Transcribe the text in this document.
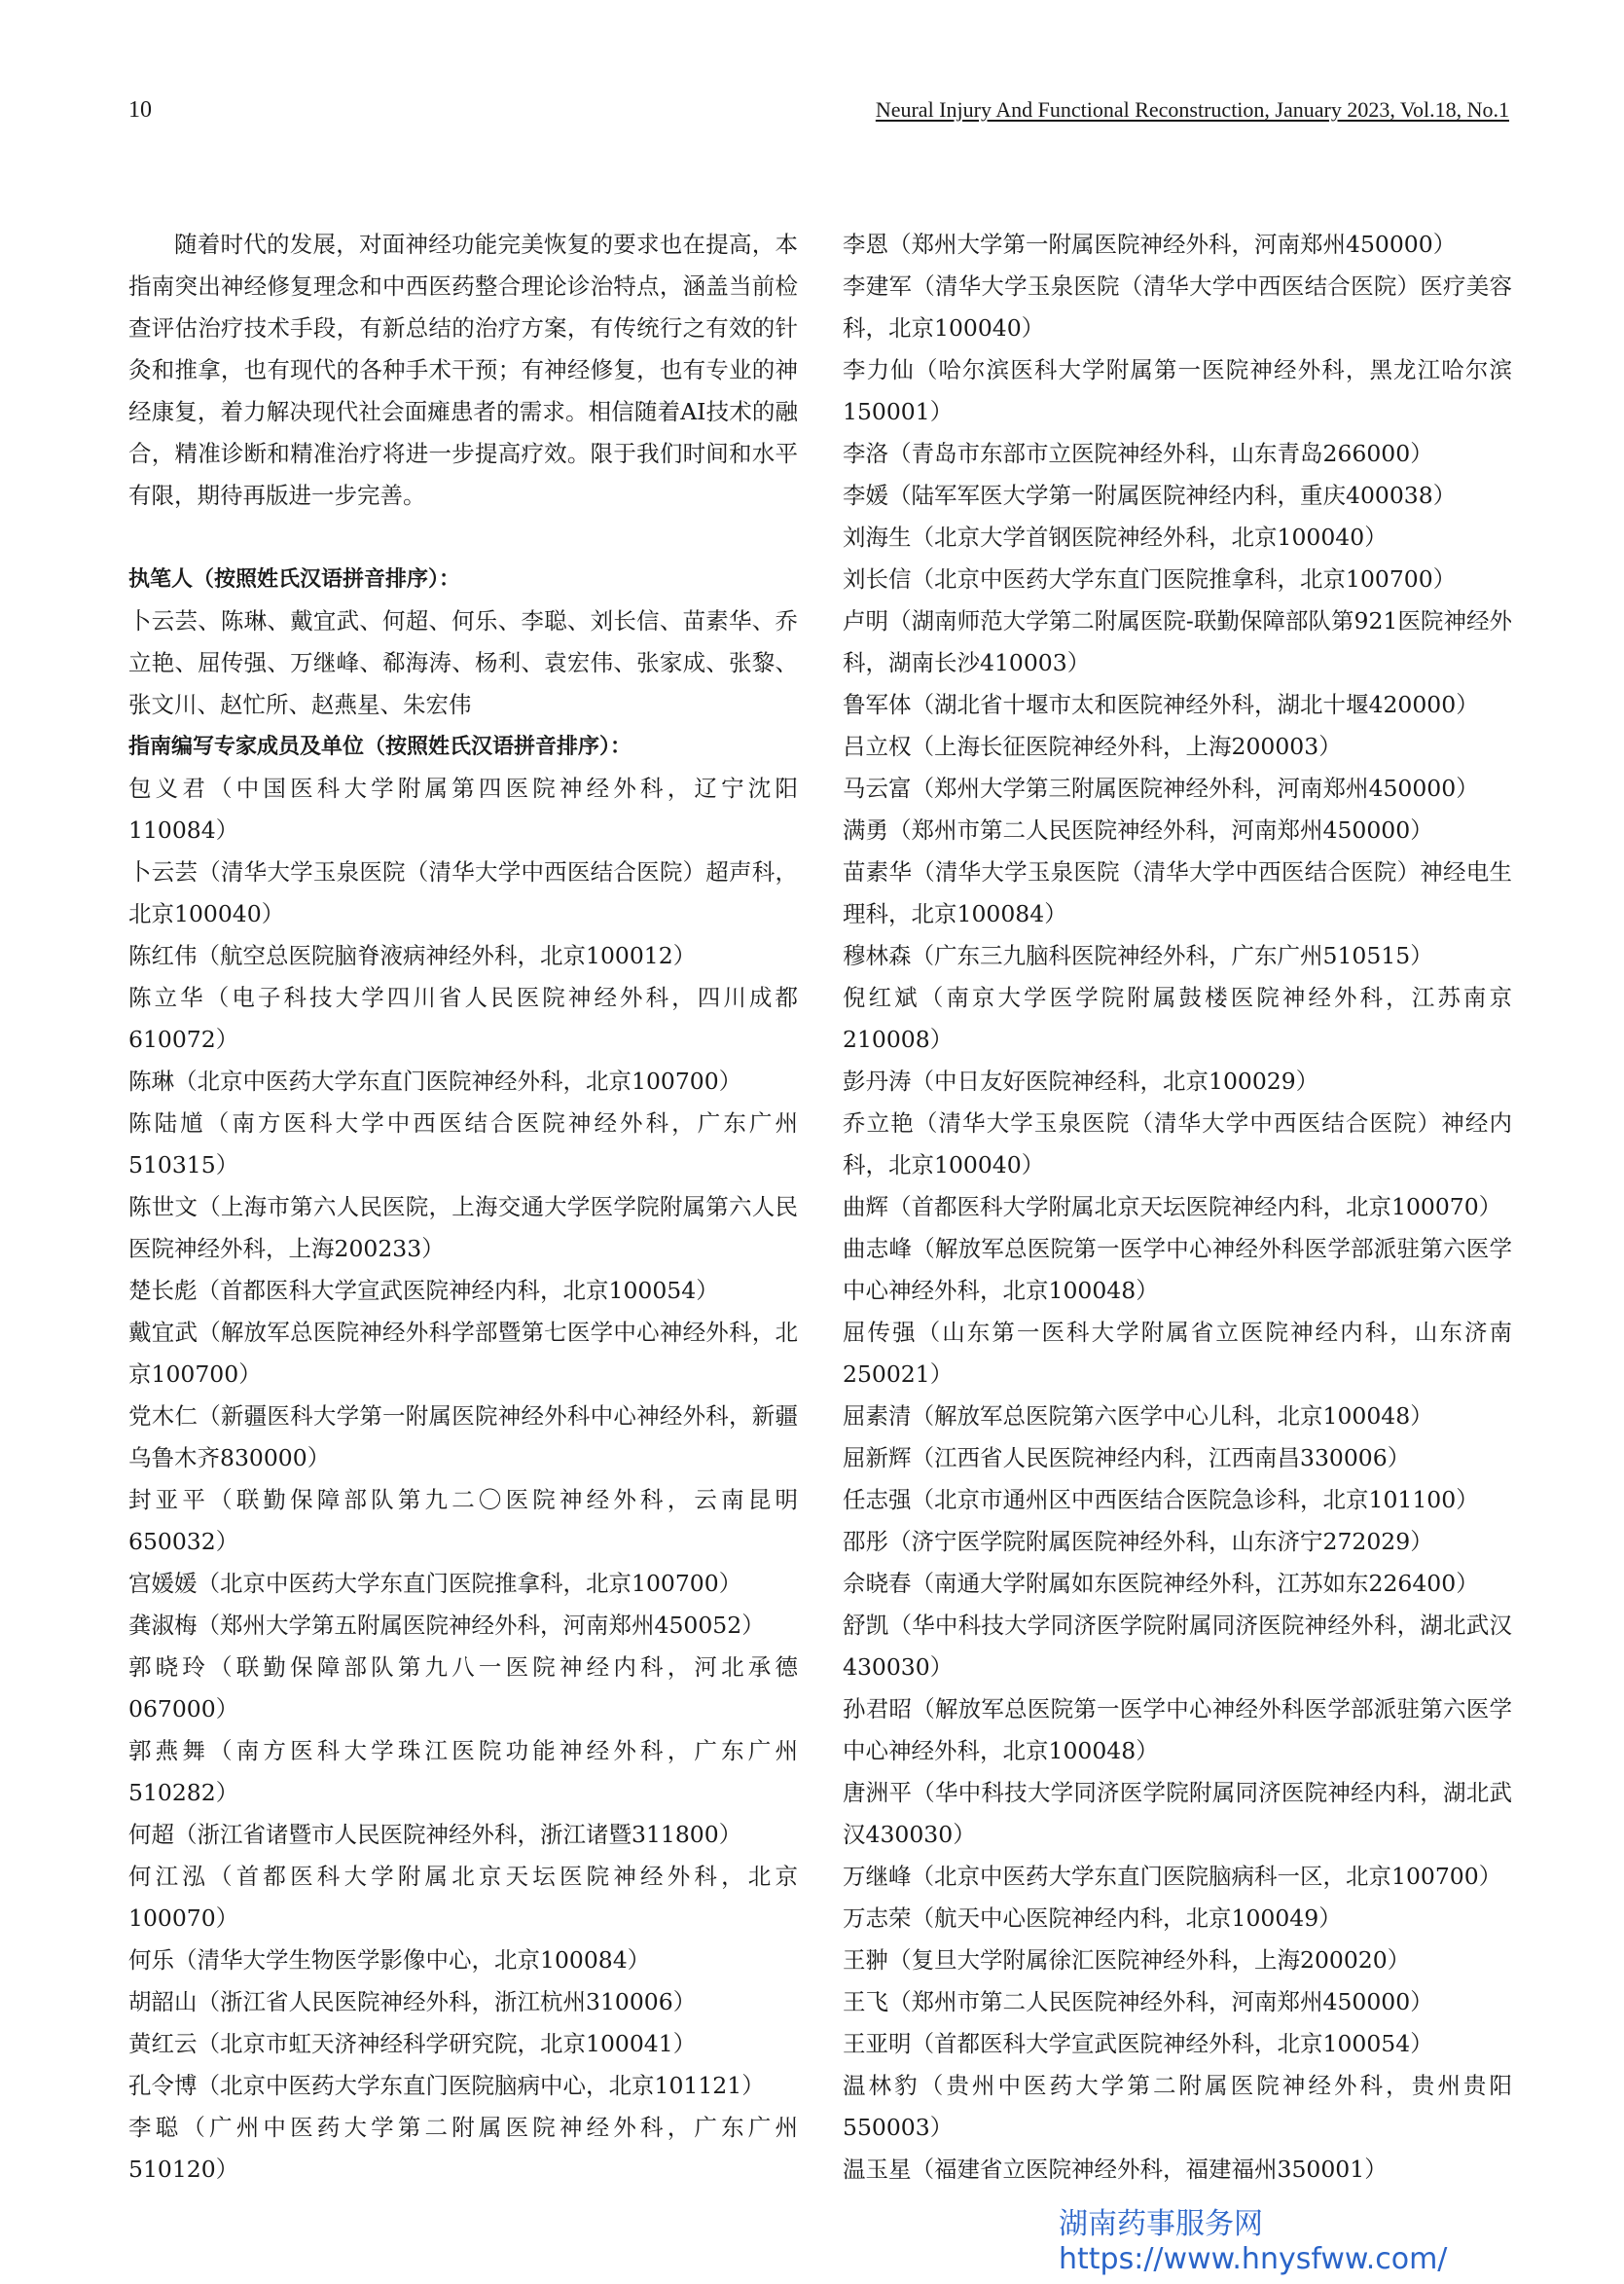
10	Neural Injury And Functional Reconstruction, January 2023, Vol.18, No.1

随着时代的发展，对面神经功能完美恢复的要求也在提高，本指南突出神经修复理念和中西医药整合理论诊治特点，涵盖当前检查评估治疗技术手段，有新总结的治疗方案，有传统行之有效的针灸和推拿，也有现代的各种手术干预；有神经修复，也有专业的神经康复，着力解决现代社会面瘫患者的需求。相信随着AI技术的融合，精准诊断和精准治疗将进一步提高疗效。限于我们时间和水平有限，期待再版进一步完善。

执笔人（按照姓氏汉语拼音排序）：

卜云芸、陈琳、戴宜武、何超、何乐、李聪、刘长信、苗素华、乔立艳、屈传强、万继峰、郗海涛、杨利、袁宏伟、张家成、张黎、张文川、赵忙所、赵燕星、朱宏伟

指南编写专家成员及单位（按照姓氏汉语拼音排序）：

包义君（中国医科大学附属第四医院神经外科，辽宁沈阳110084）

卜云芸（清华大学玉泉医院（清华大学中西医结合医院）超声科，北京100040）

陈红伟（航空总医院脑脊液病神经外科，北京100012）

陈立华（电子科技大学四川省人民医院神经外科，四川成都610072）

陈琳（北京中医药大学东直门医院神经外科，北京100700）

陈陆馗（南方医科大学中西医结合医院神经外科，广东广州510315）

陈世文（上海市第六人民医院，上海交通大学医学院附属第六人民医院神经外科，上海200233）

楚长彪（首都医科大学宣武医院神经内科，北京100054）

戴宜武（解放军总医院神经外科学部暨第七医学中心神经外科，北京100700）

党木仁（新疆医科大学第一附属医院神经外科中心神经外科，新疆乌鲁木齐830000）

封亚平（联勤保障部队第九二〇医院神经外科，云南昆明650032）

宫媛媛（北京中医药大学东直门医院推拿科，北京100700）

龚淑梅（郑州大学第五附属医院神经外科，河南郑州450052）

郭晓玲（联勤保障部队第九八一医院神经内科，河北承德067000）

郭燕舞（南方医科大学珠江医院功能神经外科，广东广州510282）

何超（浙江省诸暨市人民医院神经外科，浙江诸暨311800）

何江泓（首都医科大学附属北京天坛医院神经外科，北京100070）

何乐（清华大学生物医学影像中心，北京100084）

胡韶山（浙江省人民医院神经外科，浙江杭州310006）

黄红云（北京市虹天济神经科学研究院，北京100041）

孔令博（北京中医药大学东直门医院脑病中心，北京101121）

李聪（广州中医药大学第二附属医院神经外科，广东广州510120）

李恩（郑州大学第一附属医院神经外科，河南郑州450000）

李建军（清华大学玉泉医院（清华大学中西医结合医院）医疗美容科，北京100040）

李力仙（哈尔滨医科大学附属第一医院神经外科，黑龙江哈尔滨150001）

李洛（青岛市东部市立医院神经外科，山东青岛266000）

李媛（陆军军医大学第一附属医院神经内科，重庆400038）

刘海生（北京大学首钢医院神经外科，北京100040）

刘长信（北京中医药大学东直门医院推拿科，北京100700）

卢明（湖南师范大学第二附属医院-联勤保障部队第921医院神经外科，湖南长沙410003）

鲁军体（湖北省十堰市太和医院神经外科，湖北十堰420000）

吕立权（上海长征医院神经外科，上海200003）

马云富（郑州大学第三附属医院神经外科，河南郑州450000）

满勇（郑州市第二人民医院神经外科，河南郑州450000）

苗素华（清华大学玉泉医院（清华大学中西医结合医院）神经电生理科，北京100084）

穆林森（广东三九脑科医院神经外科，广东广州510515）

倪红斌（南京大学医学院附属鼓楼医院神经外科，江苏南京210008）

彭丹涛（中日友好医院神经科，北京100029）

乔立艳（清华大学玉泉医院（清华大学中西医结合医院）神经内科，北京100040）

曲辉（首都医科大学附属北京天坛医院神经内科，北京100070）

曲志峰（解放军总医院第一医学中心神经外科医学部派驻第六医学中心神经外科，北京100048）

屈传强（山东第一医科大学附属省立医院神经内科，山东济南250021）

屈素清（解放军总医院第六医学中心儿科，北京100048）

屈新辉（江西省人民医院神经内科，江西南昌330006）

任志强（北京市通州区中西医结合医院急诊科，北京101100）

邵彤（济宁医学院附属医院神经外科，山东济宁272029）

佘晓春（南通大学附属如东医院神经外科，江苏如东226400）

舒凯（华中科技大学同济医学院附属同济医院神经外科，湖北武汉430030）

孙君昭（解放军总医院第一医学中心神经外科医学部派驻第六医学中心神经外科，北京100048）

唐洲平（华中科技大学同济医学院附属同济医院神经内科，湖北武汉430030）

万继峰（北京中医药大学东直门医院脑病科一区，北京100700）

万志荣（航天中心医院神经内科，北京100049）

王翀（复旦大学附属徐汇医院神经外科，上海200020）

王飞（郑州市第二人民医院神经外科，河南郑州450000）

王亚明（首都医科大学宣武医院神经外科，北京100054）

温林豹（贵州中医药大学第二附属医院神经外科，贵州贵阳550003）

温玉星（福建省立医院神经外科，福建福州350001）

湖南药事服务网
https://www.hnysfww.com/
